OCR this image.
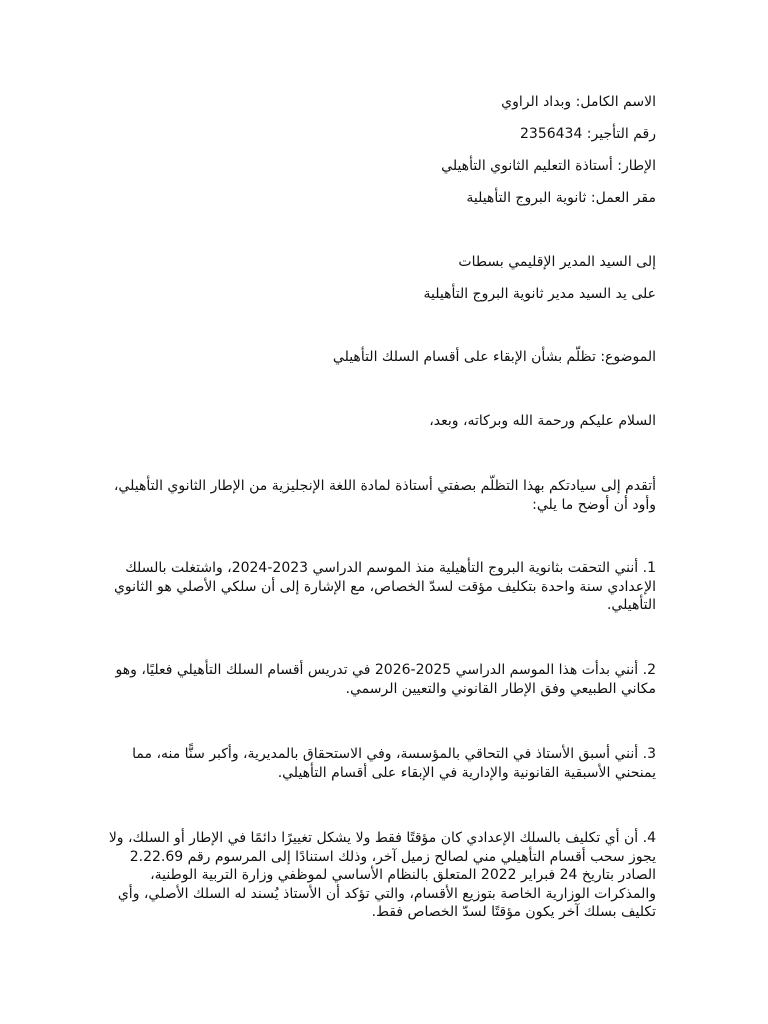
الاسم الكامل: وبداد الراوي
رقم التأجير: 2356434
الإطار: أستاذة التعليم الثانوي التأهيلي
مقر العمل: ثانوية البروج التأهيلية
إلى السيد المدير الإقليمي بسطات
على يد السيد مدير ثانوية البروج التأهيلية
الموضوع: تظلّم بشأن الإبقاء على أقسام السلك التأهيلي
السلام عليكم ورحمة الله وبركاته، وبعد،
أتقدم إلى سيادتكم بهذا التظلّم بصفتي أستاذة لمادة اللغة الإنجليزية من الإطار الثانوي التأهيلي،
وأود أن أوضح ما يلي:
1. أنني التحقت بثانوية البروج التأهيلية منذ الموسم الدراسي 2023-2024، واشتغلت بالسلك
الإعدادي سنة واحدة بتكليف مؤقت لسدّ الخصاص، مع الإشارة إلى أن سلكي الأصلي هو الثانوي
التأهيلي.
2. أنني بدأت هذا الموسم الدراسي 2025-2026 في تدريس أقسام السلك التأهيلي فعليًا، وهو
مكاني الطبيعي وفق الإطار القانوني والتعيين الرسمي.
3. أنني أسبق الأستاذ في التحاقي بالمؤسسة، وفي الاستحقاق بالمديرية، وأكبر سنًّا منه، مما
يمنحني الأسبقية القانونية والإدارية في الإبقاء على أقسام التأهيلي.
4. أن أي تكليف بالسلك الإعدادي كان مؤقتًا فقط ولا يشكل تغييرًا دائمًا في الإطار أو السلك، ولا
يجوز سحب أقسام التأهيلي مني لصالح زميل آخر، وذلك استنادًا إلى المرسوم رقم 2.22.69
الصادر بتاريخ 24 فبراير 2022 المتعلق بالنظام الأساسي لموظفي وزارة التربية الوطنية،
والمذكرات الوزارية الخاصة بتوزيع الأقسام، والتي تؤكد أن الأستاذ يُسند له السلك الأصلي، وأي
تكليف بسلك آخر يكون مؤقتًا لسدّ الخصاص فقط.
